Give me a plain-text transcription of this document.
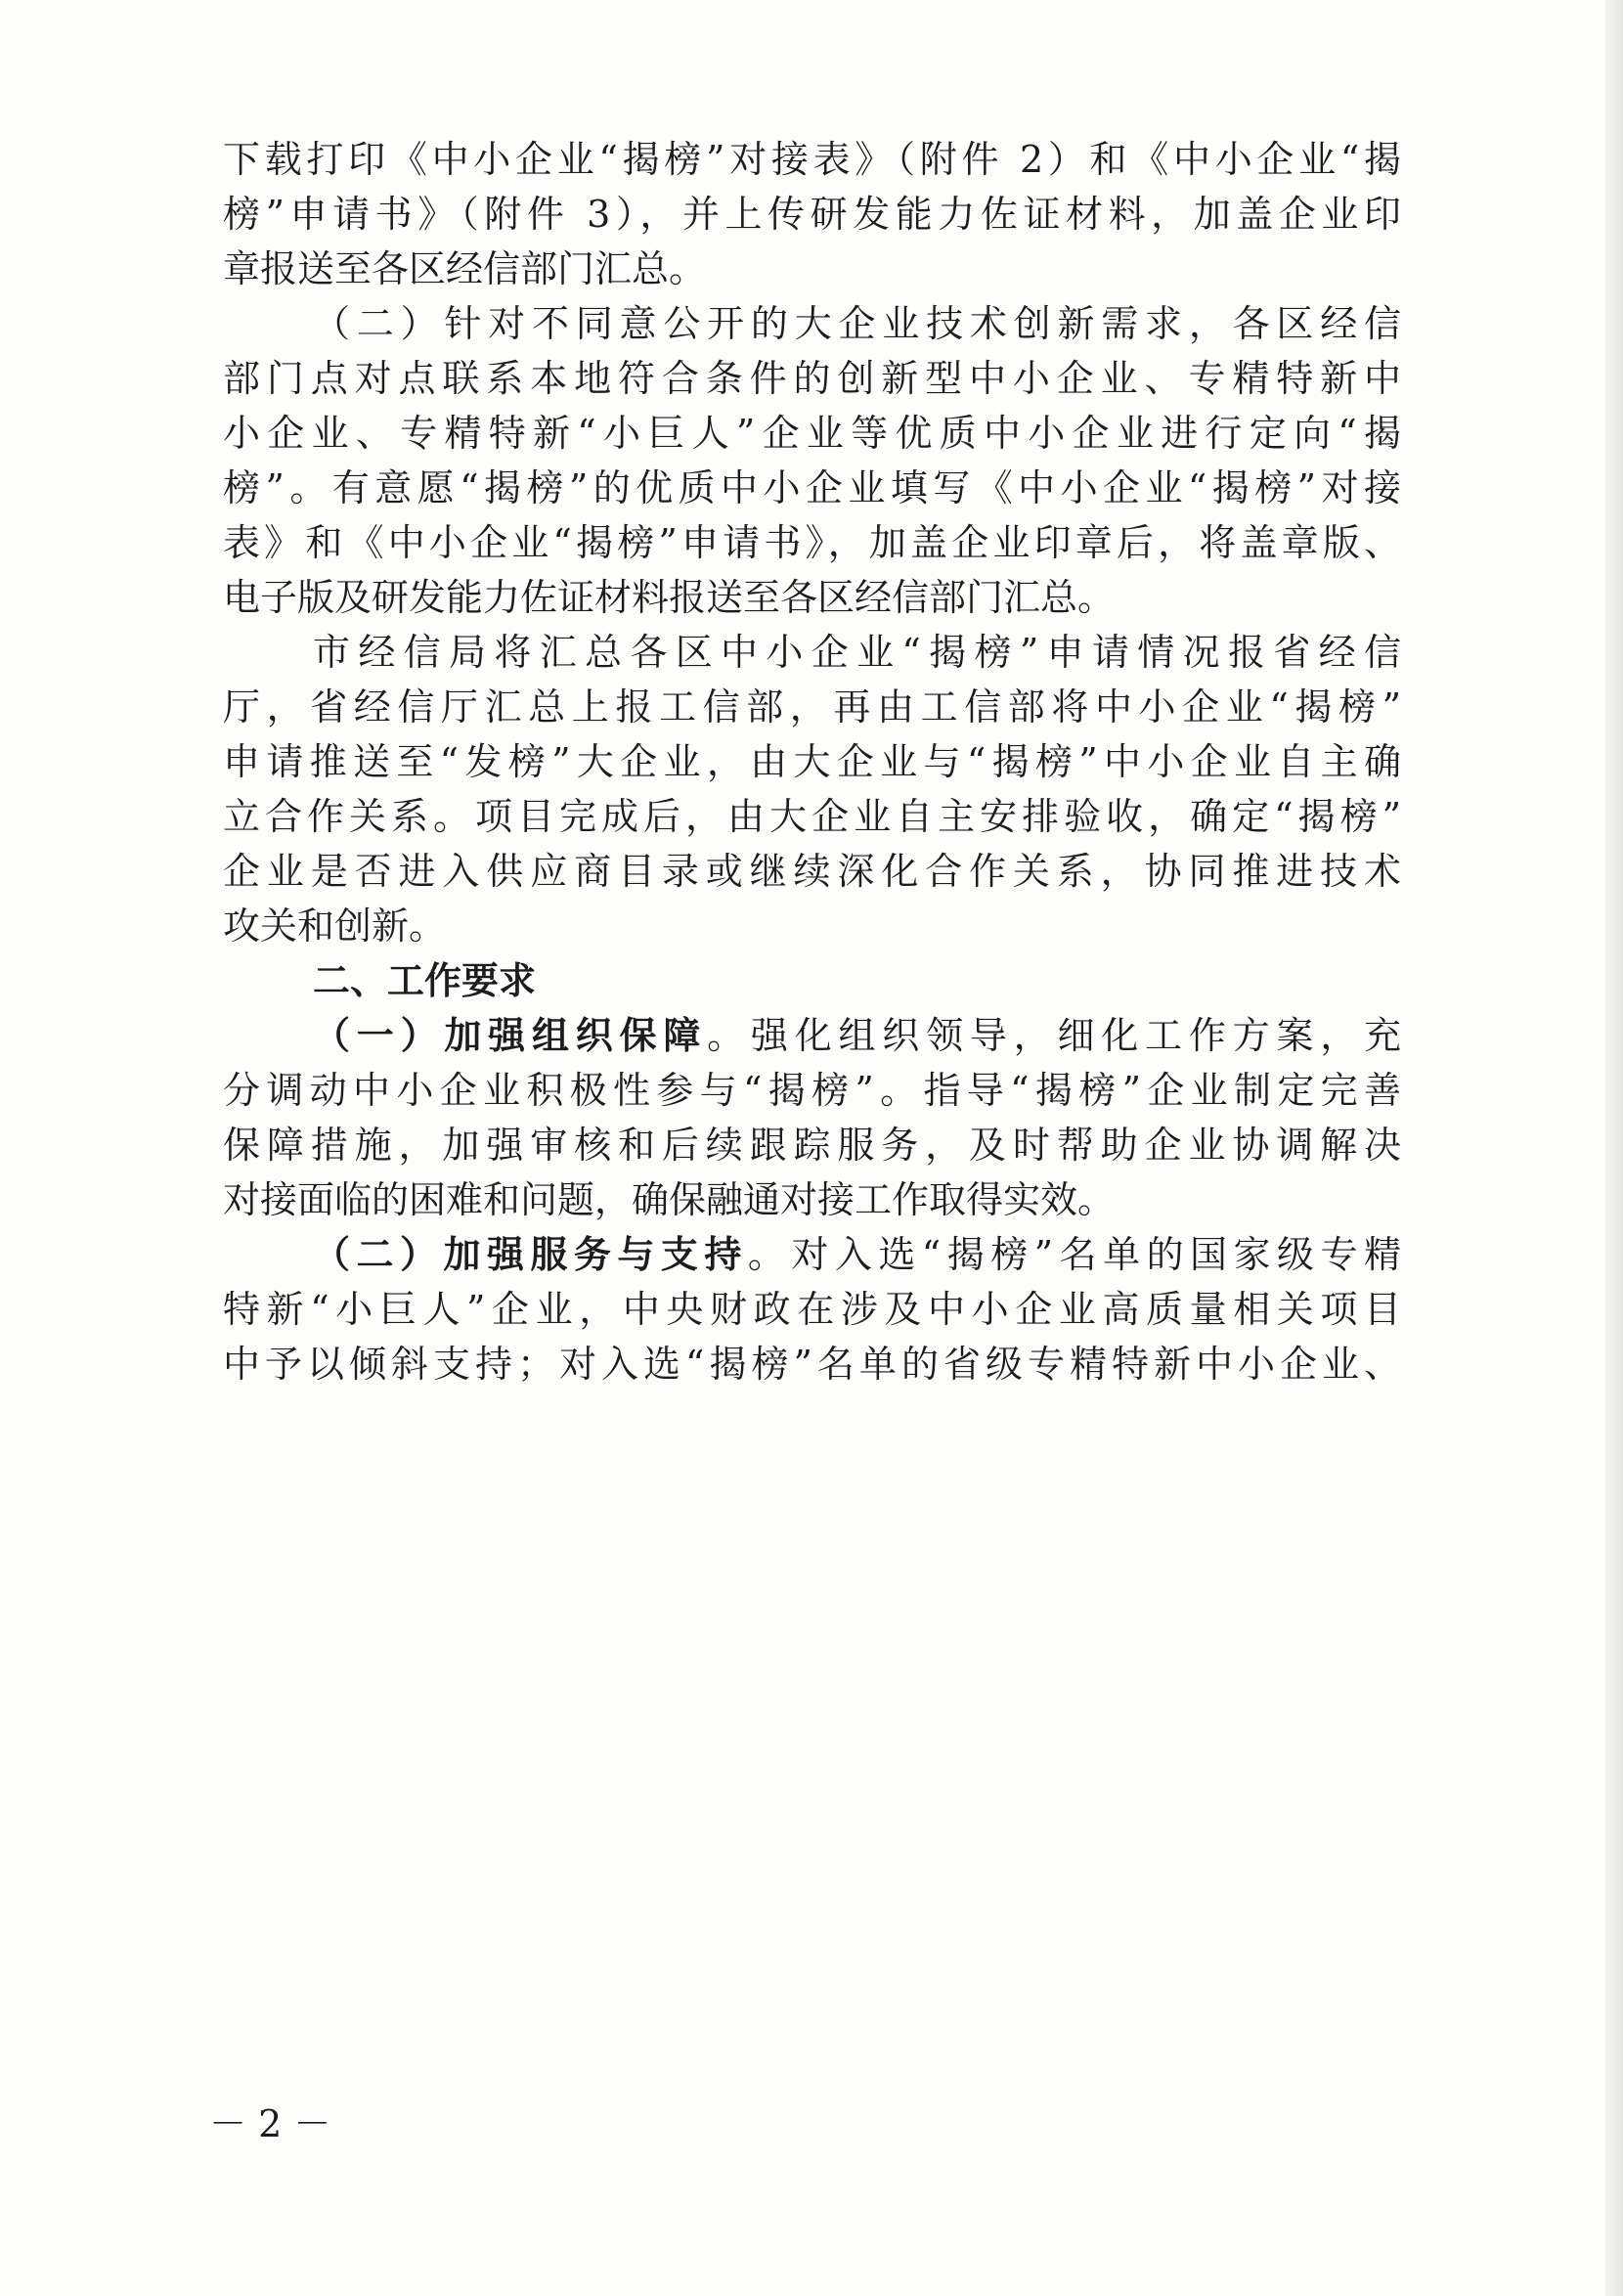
下载打印《中小企业“揭榜”对接表》（附件 2）和《中小企业“揭

榜”申请书》（附件 3），并上传研发能力佐证材料，加盖企业印

章报送至各区经信部门汇总。

（二）针对不同意公开的大企业技术创新需求，各区经信

部门点对点联系本地符合条件的创新型中小企业、专精特新中

小企业、专精特新“小巨人”企业等优质中小企业进行定向“揭

榜”。有意愿“揭榜”的优质中小企业填写《中小企业“揭榜”对接

表》和《中小企业“揭榜”申请书》，加盖企业印章后，将盖章版、

电子版及研发能力佐证材料报送至各区经信部门汇总。

市经信局将汇总各区中小企业“揭榜”申请情况报省经信

厅，省经信厅汇总上报工信部，再由工信部将中小企业“揭榜”

申请推送至“发榜”大企业，由大企业与“揭榜”中小企业自主确

立合作关系。项目完成后，由大企业自主安排验收，确定“揭榜”

企业是否进入供应商目录或继续深化合作关系，协同推进技术

攻关和创新。

二、工作要求

（一）加强组织保障。强化组织领导，细化工作方案，充

分调动中小企业积极性参与“揭榜”。指导“揭榜”企业制定完善

保障措施，加强审核和后续跟踪服务，及时帮助企业协调解决

对接面临的困难和问题，确保融通对接工作取得实效。

（二）加强服务与支持。对入选“揭榜”名单的国家级专精

特新“小巨人”企业，中央财政在涉及中小企业高质量相关项目

中予以倾斜支持；对入选“揭榜”名单的省级专精特新中小企业、

－ 2 －
